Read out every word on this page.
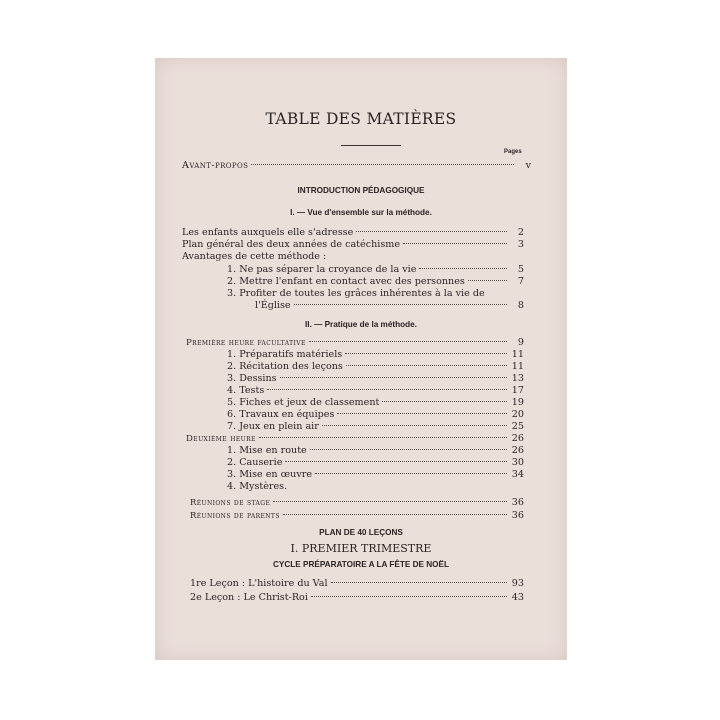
TABLE DES MATIÈRES
Pages
Avant-propos	v
INTRODUCTION PÉDAGOGIQUE
I. — Vue d'ensemble sur la méthode.
Les enfants auxquels elle s'adresse	2
Plan général des deux années de catéchisme	3
Avantages de cette méthode :
1. Ne pas séparer la croyance de la vie	5
2. Mettre l'enfant en contact avec des personnes	7
3. Profiter de toutes les grâces inhérentes à la vie de
l'Église	8
II. — Pratique de la méthode.
Première heure facultative	9
1. Préparatifs matériels	11
2. Récitation des leçons	11
3. Dessins	13
4. Tests	17
5. Fiches et jeux de classement	19
6. Travaux en équipes	20
7. Jeux en plein air	25
Deuxième heure	26
1. Mise en route	26
2. Causerie	30
3. Mise en œuvre	34
4. Mystères.
Réunions de stage	36
Réunions de parents	36
PLAN DE 40 LEÇONS
I. PREMIER TRIMESTRE
CYCLE PRÉPARATOIRE A LA FÊTE DE NOËL
1re Leçon : L'histoire du Val	93
2e Leçon : Le Christ-Roi	43
